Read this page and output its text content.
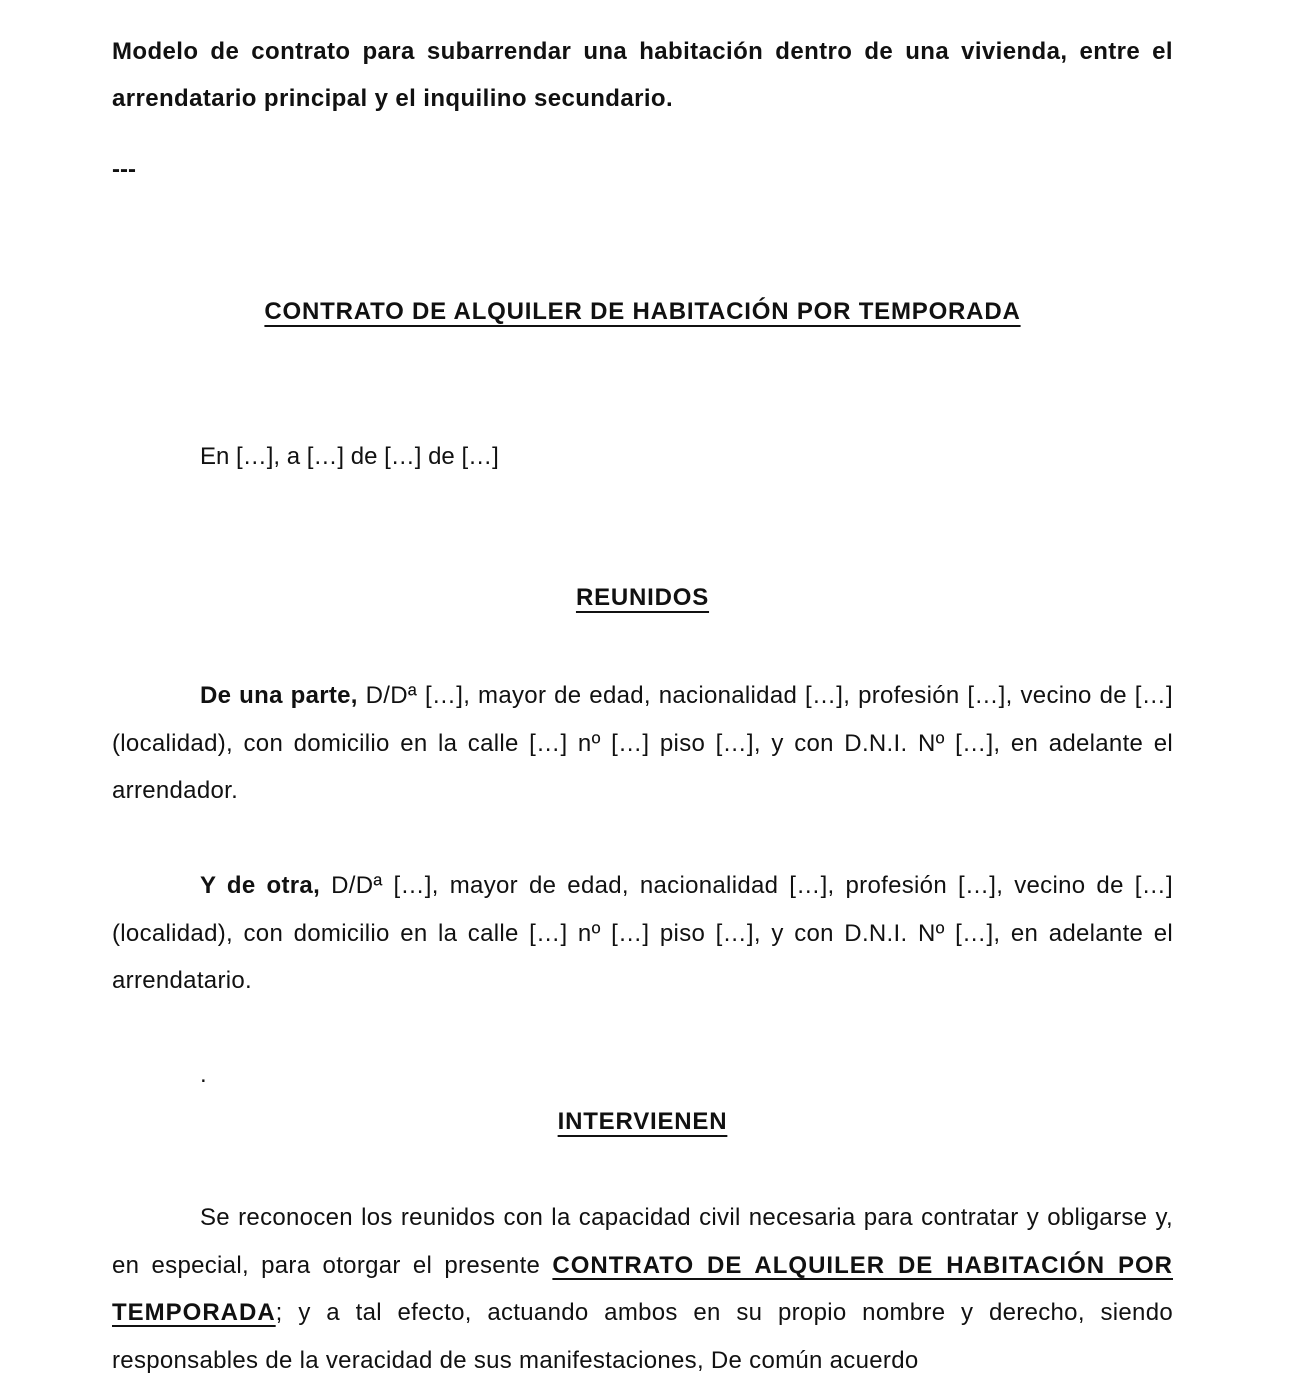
Modelo de contrato para subarrendar una habitación dentro de una vivienda, entre el arrendatario principal y el inquilino secundario.
---
CONTRATO DE ALQUILER DE HABITACIÓN POR TEMPORADA
En […], a […] de […] de […]
REUNIDOS
De una parte, D/Dª […], mayor de edad, nacionalidad […], profesión […], vecino de […] (localidad), con domicilio en la calle […] nº […] piso […], y con D.N.I. Nº […], en adelante el arrendador.
Y de otra, D/Dª […], mayor de edad, nacionalidad […], profesión […], vecino de […] (localidad), con domicilio en la calle […] nº […] piso […], y con D.N.I. Nº […], en adelante el arrendatario.
.
INTERVIENEN
Se reconocen los reunidos con la capacidad civil necesaria para contratar y obligarse y, en especial, para otorgar el presente CONTRATO DE ALQUILER DE HABITACIÓN POR TEMPORADA; y a tal efecto, actuando ambos en su propio nombre y derecho, siendo responsables de la veracidad de sus manifestaciones, De común acuerdo
